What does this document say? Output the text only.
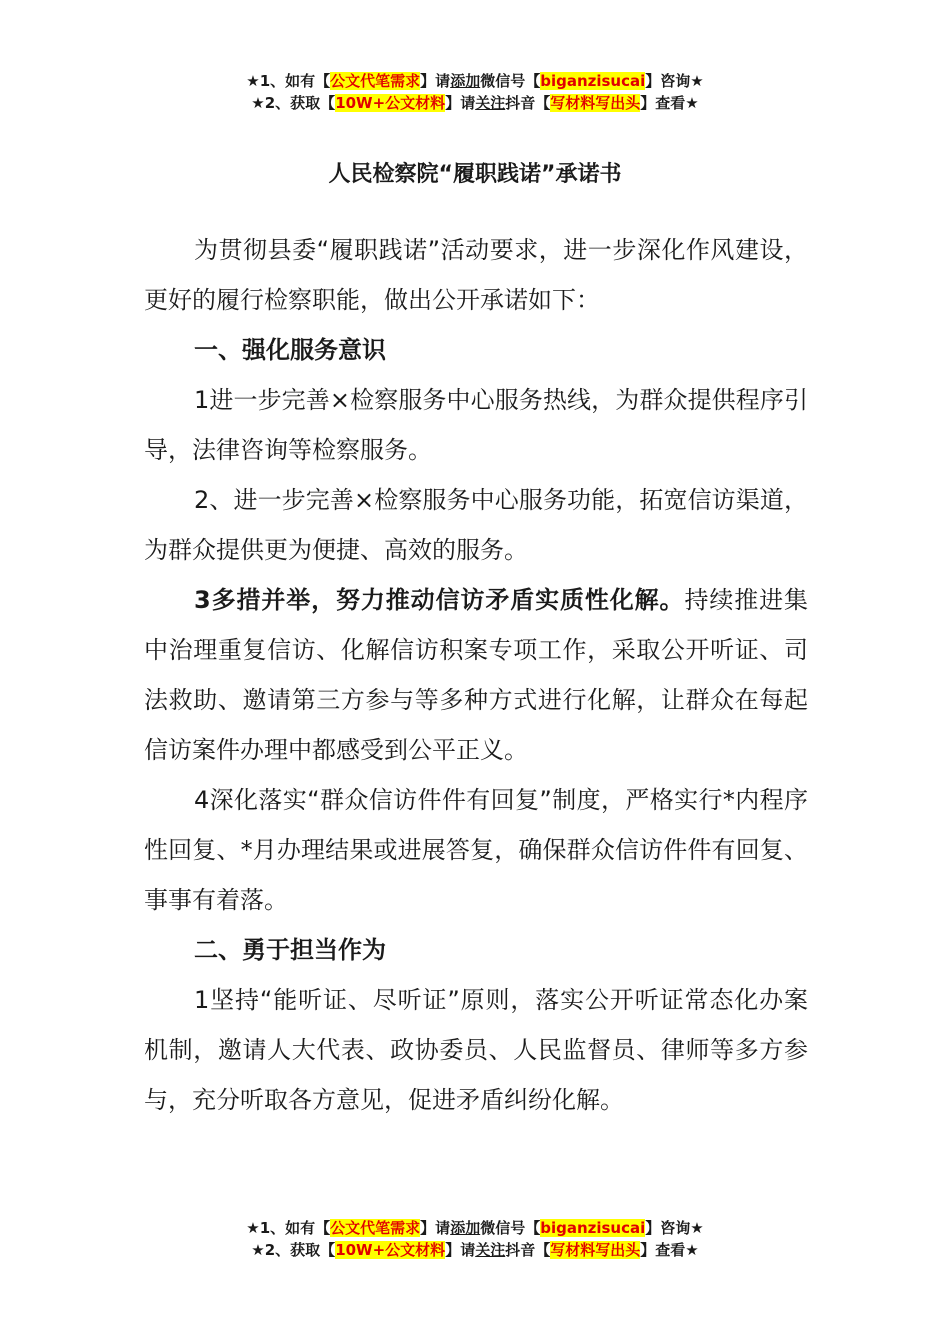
★1、如有【公文代笔需求】请添加微信号【biganzisucai】咨询★
★2、获取【10W+公文材料】请关注抖音【写材料写出头】查看★
人民检察院“履职践诺”承诺书

为贯彻县委“履职践诺”活动要求，进一步深化作风建设，更好的履行检察职能，做出公开承诺如下：

一、强化服务意识

1进一步完善×检察服务中心服务热线，为群众提供程序引导，法律咨询等检察服务。

2、进一步完善×检察服务中心服务功能，拓宽信访渠道，为群众提供更为便捷、高效的服务。

3多措并举，努力推动信访矛盾实质性化解。持续推进集中治理重复信访、化解信访积案专项工作，采取公开听证、司法救助、邀请第三方参与等多种方式进行化解，让群众在每起信访案件办理中都感受到公平正义。

4深化落实“群众信访件件有回复”制度，严格实行*内程序性回复、*月办理结果或进展答复，确保群众信访件件有回复、事事有着落。

二、勇于担当作为

1坚持“能听证、尽听证”原则，落实公开听证常态化办案机制，邀请人大代表、政协委员、人民监督员、律师等多方参与，充分听取各方意见，促进矛盾纠纷化解。

★1、如有【公文代笔需求】请添加微信号【biganzisucai】咨询★
★2、获取【10W+公文材料】请关注抖音【写材料写出头】查看★
